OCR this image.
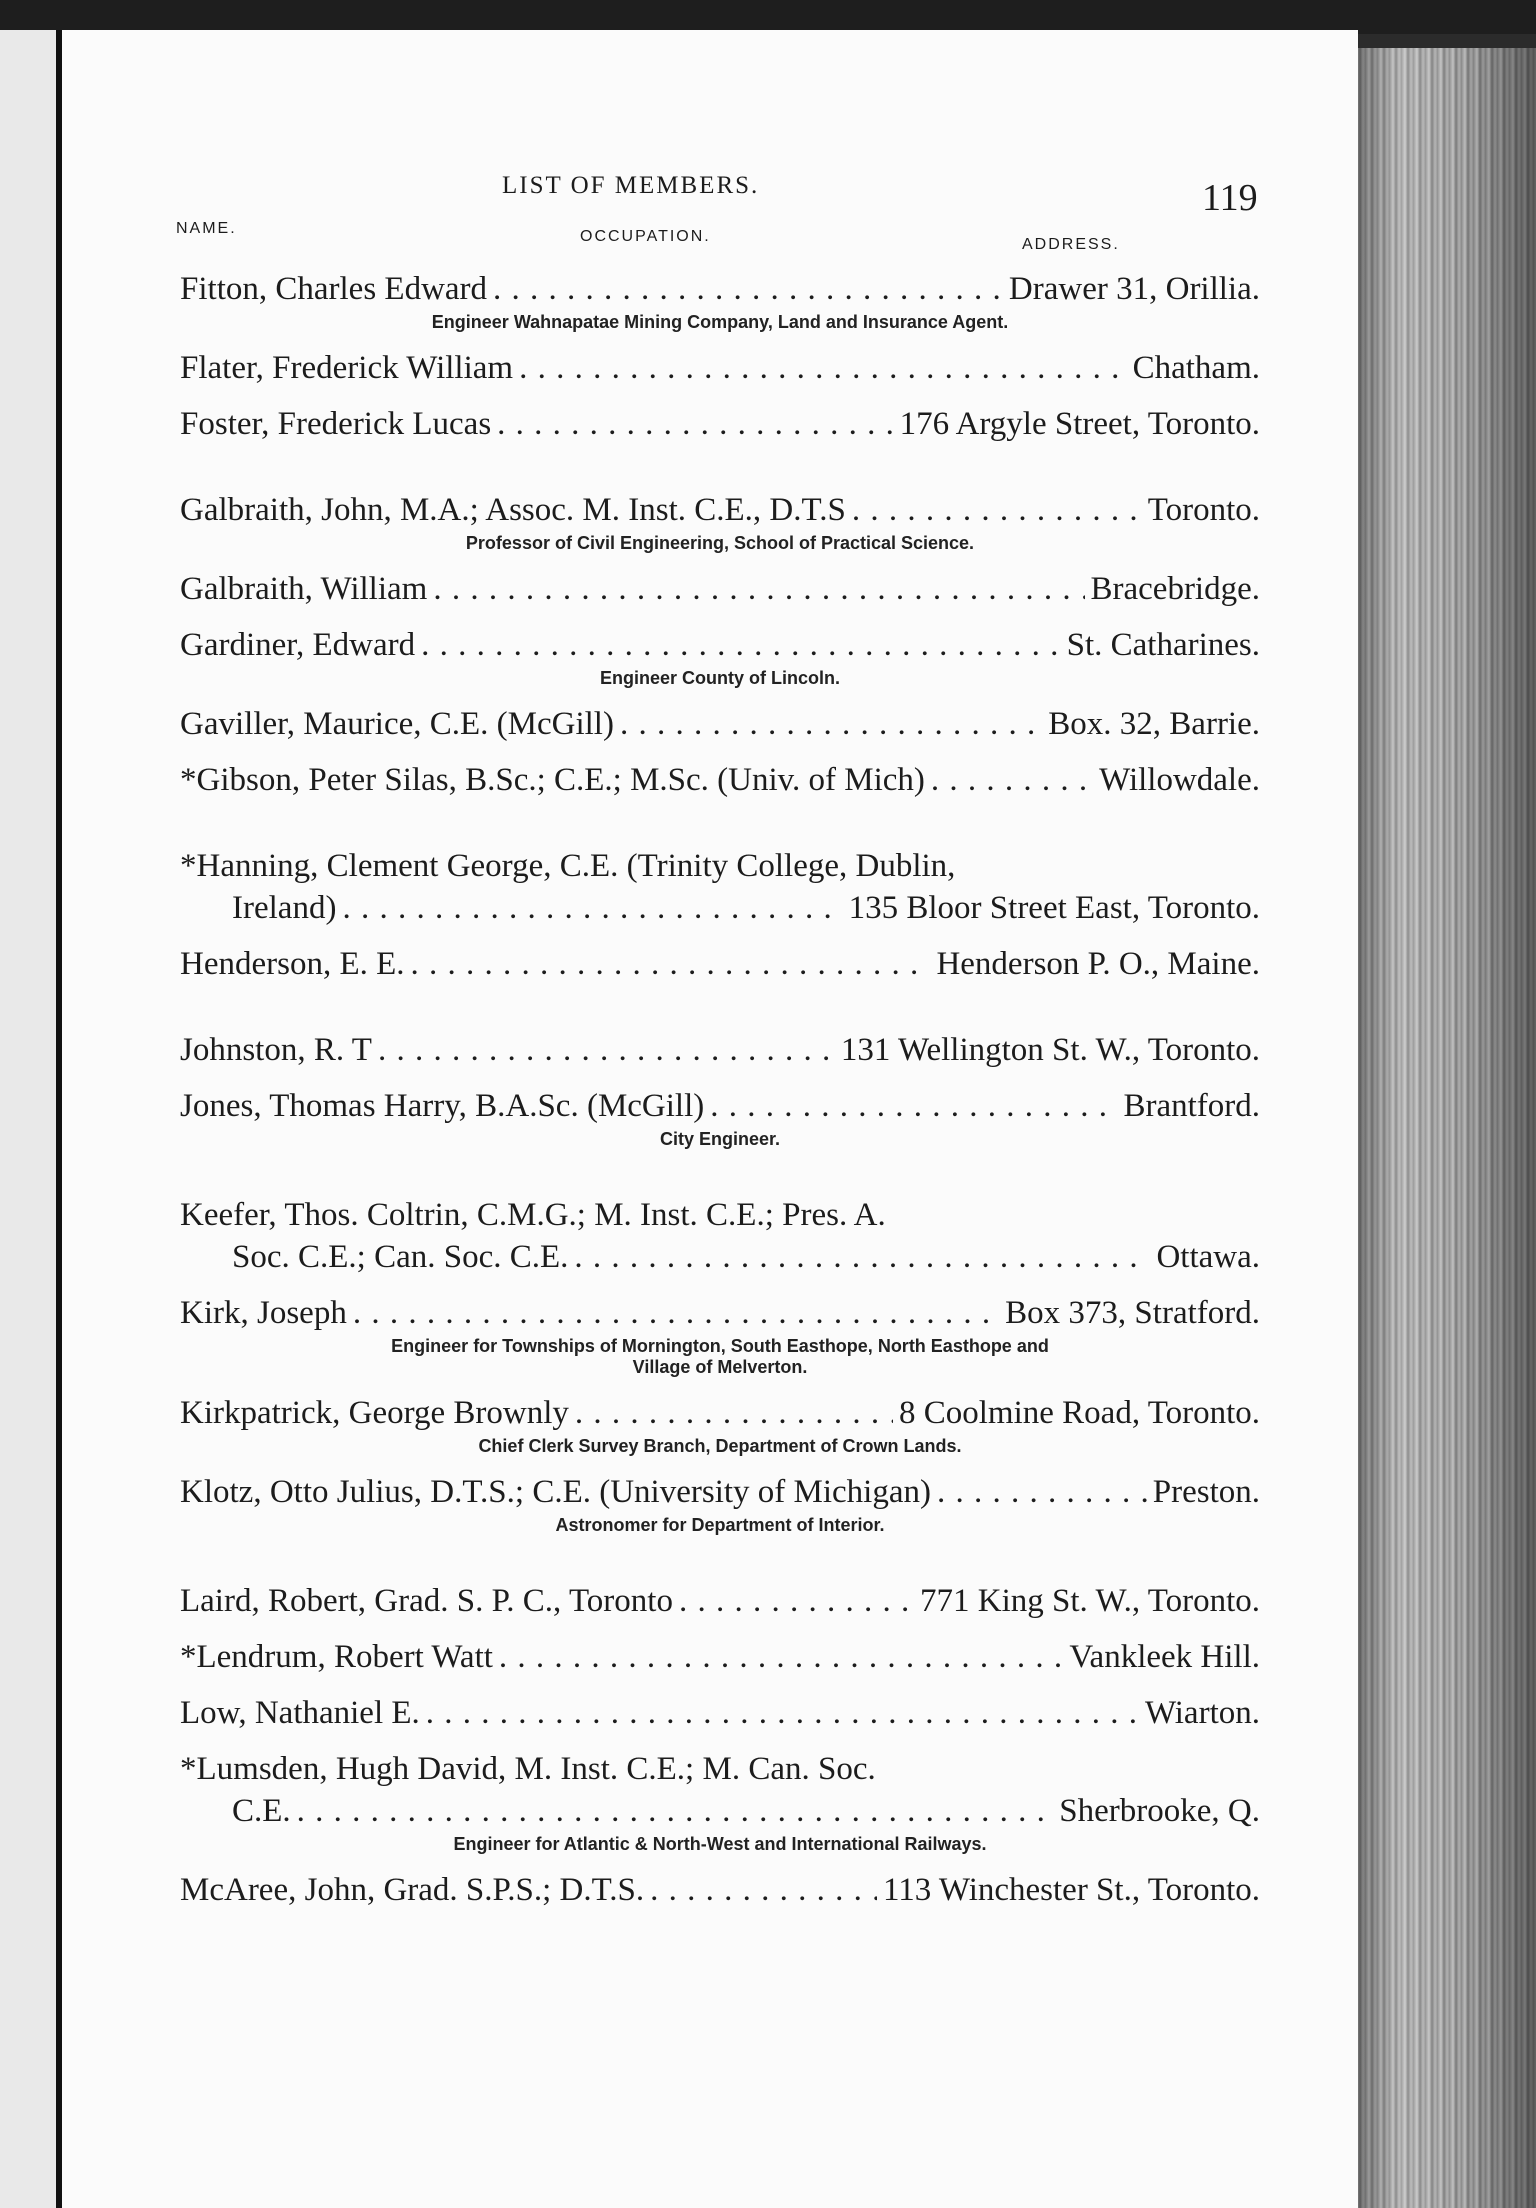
LIST OF MEMBERS.	119
NAME.	OCCUPATION.	ADDRESS.
Fitton, Charles Edward . . .	Drawer 31, Orillia.
Engineer Wahnapatae Mining Company, Land and Insurance Agent.
Flater, Frederick William . . .	Chatham.
Foster, Frederick Lucas . . .	176 Argyle Street, Toronto.
Galbraith, John, M.A.; Assoc. M. Inst. C.E., D.T.S . . .	Toronto.
Professor of Civil Engineering, School of Practical Science.
Galbraith, William . . .	Bracebridge.
Gardiner, Edward . . .	St. Catharines.
Engineer County of Lincoln.
Gaviller, Maurice, C.E. (McGill) . . .	Box. 32, Barrie.
*Gibson, Peter Silas, B.Sc.; C.E.; M.Sc. (Univ. of Mich) . . .	Willowdale.
*Hanning, Clement George, C.E. (Trinity College, Dublin,
Ireland) . . .	135 Bloor Street East, Toronto.
Henderson, E. E. . . .	Henderson P. O., Maine.
Johnston, R. T . . .	131 Wellington St. W., Toronto.
Jones, Thomas Harry, B.A.Sc. (McGill) . . .	Brantford.
City Engineer.
Keefer, Thos. Coltrin, C.M.G.; M. Inst. C.E.; Pres. A.
Soc. C.E.; Can. Soc. C.E. . . .	Ottawa.
Kirk, Joseph . . .	Box 373, Stratford.
Engineer for Townships of Mornington, South Easthope, North Easthope and
Village of Melverton.
Kirkpatrick, George Brownly . . .	8 Coolmine Road, Toronto.
Chief Clerk Survey Branch, Department of Crown Lands.
Klotz, Otto Julius, D.T.S.; C.E. (University of Michigan) . . .	Preston.
Astronomer for Department of Interior.
Laird, Robert, Grad. S. P. C., Toronto . . .	771 King St. W., Toronto.
*Lendrum, Robert Watt . . .	Vankleek Hill.
Low, Nathaniel E. . . .	Wiarton.
*Lumsden, Hugh David, M. Inst. C.E.; M. Can. Soc.
C.E. . . .	Sherbrooke, Q.
Engineer for Atlantic & North-West and International Railways.
McAree, John, Grad. S.P.S.; D.T.S. . . .	113 Winchester St., Toronto.
